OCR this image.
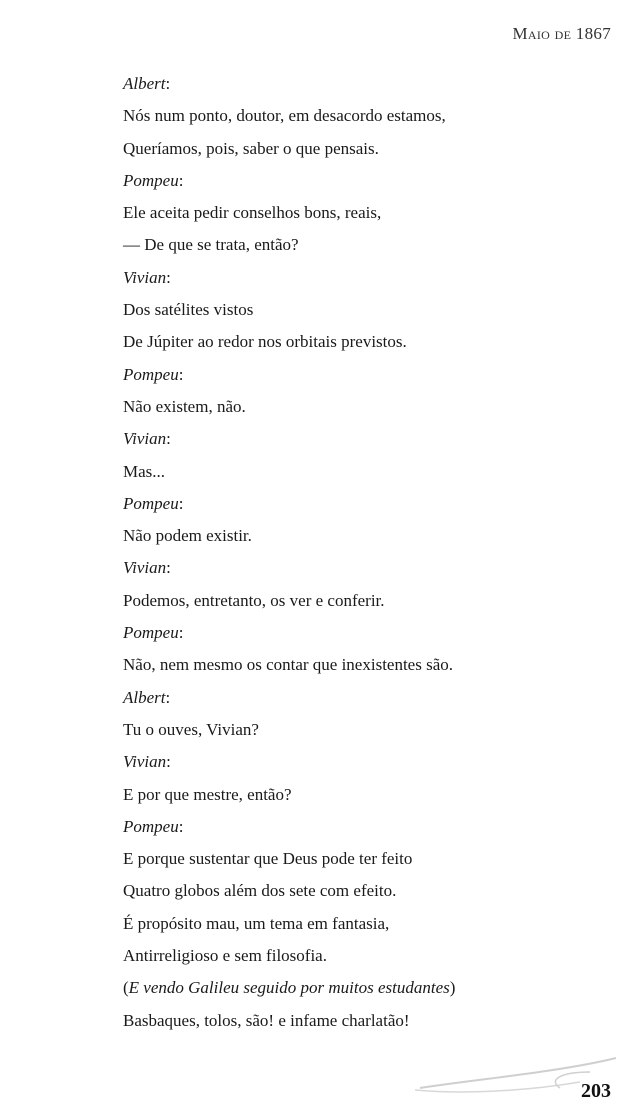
Maio de 1867
Albert:
Nós num ponto, doutor, em desacordo estamos,
Queríamos, pois, saber o que pensais.
Pompeu:
Ele aceita pedir conselhos bons, reais,
— De que se trata, então?
Vivian:
Dos satélites vistos
De Júpiter ao redor nos orbitais previstos.
Pompeu:
Não existem, não.
Vivian:
Mas...
Pompeu:
Não podem existir.
Vivian:
Podemos, entretanto, os ver e conferir.
Pompeu:
Não, nem mesmo os contar que inexistentes são.
Albert:
Tu o ouves, Vivian?
Vivian:
E por que mestre, então?
Pompeu:
E porque sustentar que Deus pode ter feito
Quatro globos além dos sete com efeito.
É propósito mau, um tema em fantasia,
Antirreligioso e sem filosofia.
(E vendo Galileu seguido por muitos estudantes)
Basbaques, tolos, são! e infame charlatão!
203
